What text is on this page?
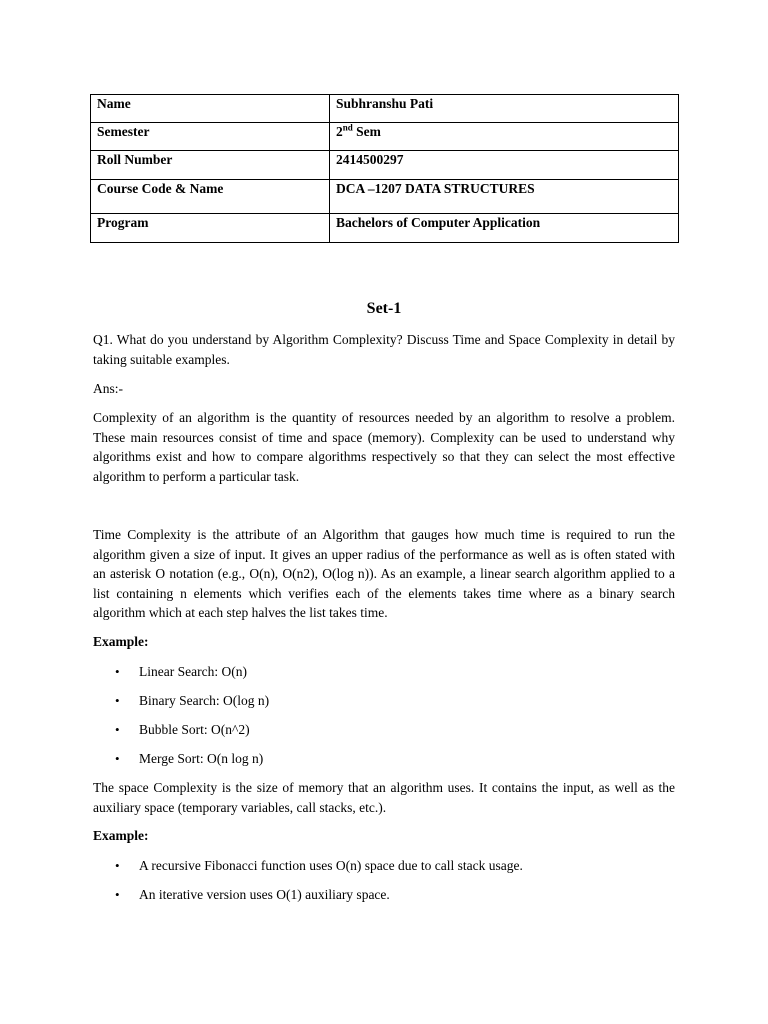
Name	Subhranshu Pati
Semester	2nd Sem
Roll Number	2414500297
Course Code & Name	DCA –1207 DATA STRUCTURES
Program	Bachelors of Computer Application
Set-1

Q1. What do you understand by Algorithm Complexity? Discuss Time and Space Complexity in detail by taking suitable examples.

Ans:-

Complexity of an algorithm is the quantity of resources needed by an algorithm to resolve a problem. These main resources consist of time and space (memory). Complexity can be used to understand why algorithms exist and how to compare algorithms respectively so that they can select the most effective algorithm to perform a particular task.

Time Complexity is the attribute of an Algorithm that gauges how much time is required to run the algorithm given a size of input. It gives an upper radius of the performance as well as is often stated with an asterisk O notation (e.g., O(n), O(n2), O(log n)). As an example, a linear search algorithm applied to a list containing n elements which verifies each of the elements takes time where as a binary search algorithm which at each step halves the list takes time.

Example:

• Linear Search: O(n)
• Binary Search: O(log n)
• Bubble Sort: O(n^2)
• Merge Sort: O(n log n)

The space Complexity is the size of memory that an algorithm uses. It contains the input, as well as the auxiliary space (temporary variables, call stacks, etc.).

Example:

• A recursive Fibonacci function uses O(n) space due to call stack usage.
• An iterative version uses O(1) auxiliary space.
